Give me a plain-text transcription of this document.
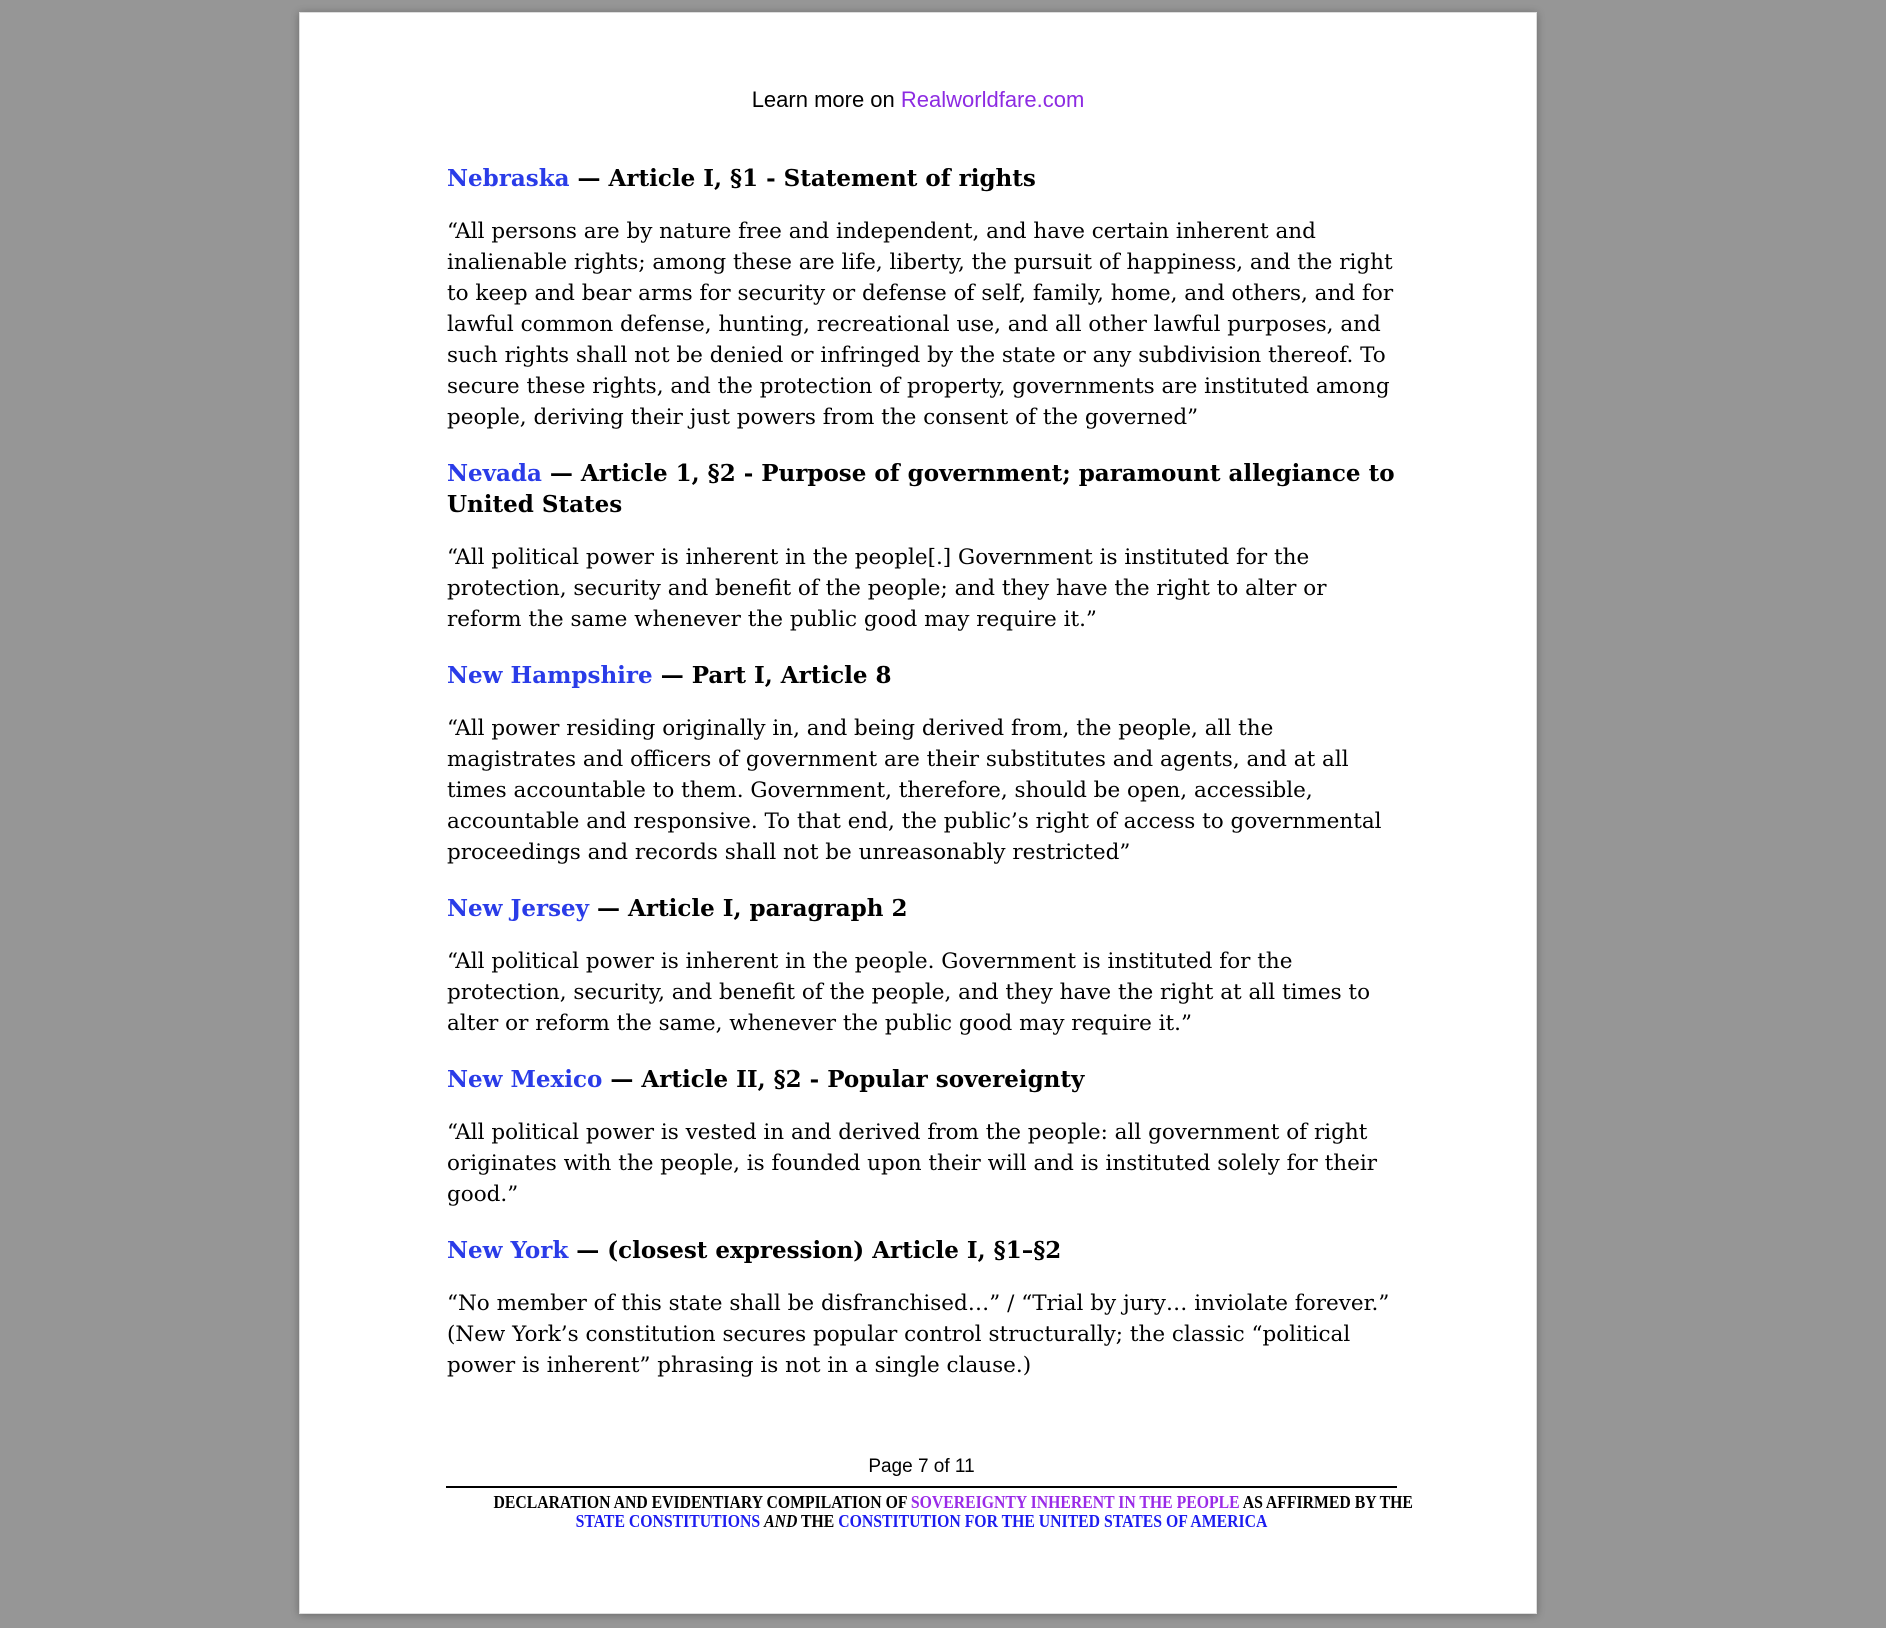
Learn more on Realworldfare.com
Nebraska — Article I, §1 - Statement of rights

“All persons are by nature free and independent, and have certain inherent and inalienable rights; among these are life, liberty, the pursuit of happiness, and the right to keep and bear arms for security or defense of self, family, home, and others, and for lawful common defense, hunting, recreational use, and all other lawful purposes, and such rights shall not be denied or infringed by the state or any subdivision thereof. To secure these rights, and the protection of property, governments are instituted among people, deriving their just powers from the consent of the governed”

Nevada — Article 1, §2 - Purpose of government; paramount allegiance to United States

“All political power is inherent in the people[.] Government is instituted for the protection, security and benefit of the people; and they have the right to alter or reform the same whenever the public good may require it.”

New Hampshire — Part I, Article 8

“All power residing originally in, and being derived from, the people, all the magistrates and officers of government are their substitutes and agents, and at all times accountable to them. Government, therefore, should be open, accessible, accountable and responsive. To that end, the public’s right of access to governmental proceedings and records shall not be unreasonably restricted”

New Jersey — Article I, paragraph 2

“All political power is inherent in the people. Government is instituted for the protection, security, and benefit of the people, and they have the right at all times to alter or reform the same, whenever the public good may require it.”

New Mexico — Article II, §2 - Popular sovereignty

“All political power is vested in and derived from the people: all government of right originates with the people, is founded upon their will and is instituted solely for their good.”

New York — (closest expression) Article I, §1–§2

“No member of this state shall be disfranchised…” / “Trial by jury… inviolate forever.” (New York’s constitution secures popular control structurally; the classic “political power is inherent” phrasing is not in a single clause.)

Page 7 of 11
DECLARATION AND EVIDENTIARY COMPILATION OF SOVEREIGNTY INHERENT IN THE PEOPLE AS AFFIRMED BY THE
STATE CONSTITUTIONS AND THE CONSTITUTION FOR THE UNITED STATES OF AMERICA
